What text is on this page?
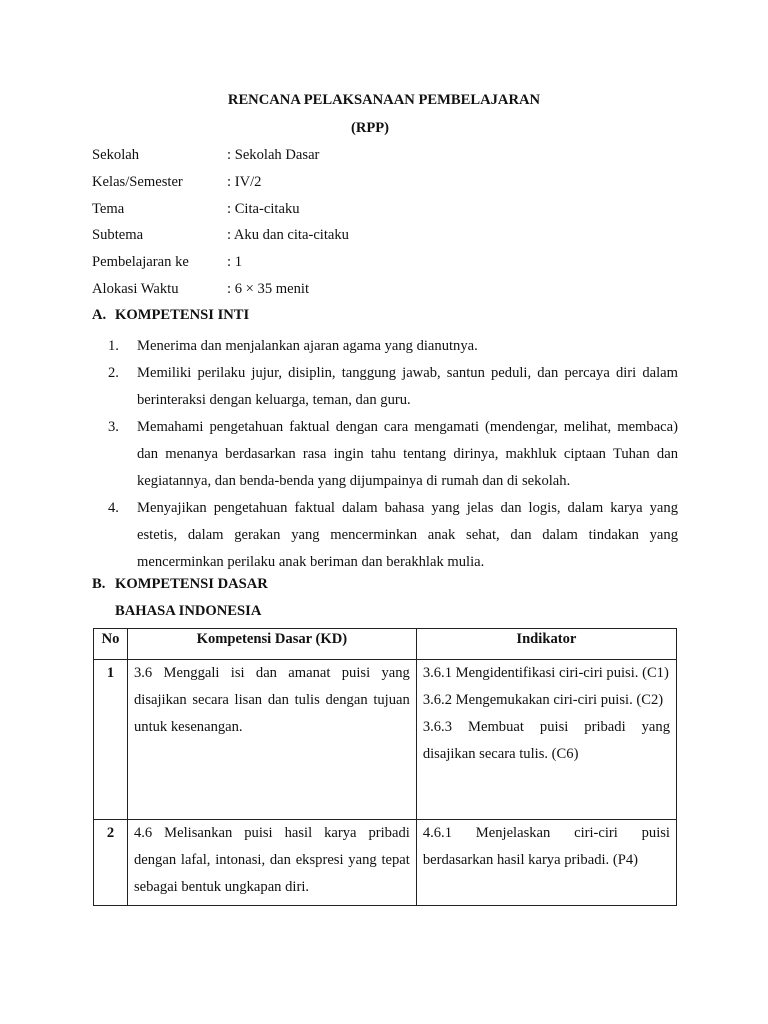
RENCANA PELAKSANAAN PEMBELAJARAN
(RPP)
Sekolah	: Sekolah Dasar
Kelas/Semester	: IV/2
Tema	: Cita-citaku
Subtema	: Aku dan cita-citaku
Pembelajaran ke	: 1
Alokasi Waktu	: 6 × 35 menit
A. KOMPETENSI INTI
1. Menerima dan menjalankan ajaran agama yang dianutnya.
2. Memiliki perilaku jujur, disiplin, tanggung jawab, santun peduli, dan percaya diri dalam berinteraksi dengan keluarga, teman, dan guru.
3. Memahami pengetahuan faktual dengan cara mengamati (mendengar, melihat, membaca) dan menanya berdasarkan rasa ingin tahu tentang dirinya, makhluk ciptaan Tuhan dan kegiatannya, dan benda-benda yang dijumpainya di rumah dan di sekolah.
4. Menyajikan pengetahuan faktual dalam bahasa yang jelas dan logis, dalam karya yang estetis, dalam gerakan yang mencerminkan anak sehat, dan dalam tindakan yang mencerminkan perilaku anak beriman dan berakhlak mulia.
B. KOMPETENSI DASAR
BAHASA INDONESIA
No	Kompetensi Dasar (KD)	Indikator
1	3.6 Menggali isi dan amanat puisi yang disajikan secara lisan dan tulis dengan tujuan untuk kesenangan.	3.6.1 Mengidentifikasi ciri-ciri puisi. (C1)
3.6.2 Mengemukakan ciri-ciri puisi. (C2)
3.6.3 Membuat puisi pribadi yang disajikan secara tulis. (C6)

2	4.6 Melisankan puisi hasil karya pribadi dengan lafal, intonasi, dan ekspresi yang tepat sebagai bentuk ungkapan diri.	4.6.1 Menjelaskan ciri-ciri puisi berdasarkan hasil karya pribadi. (P4)
